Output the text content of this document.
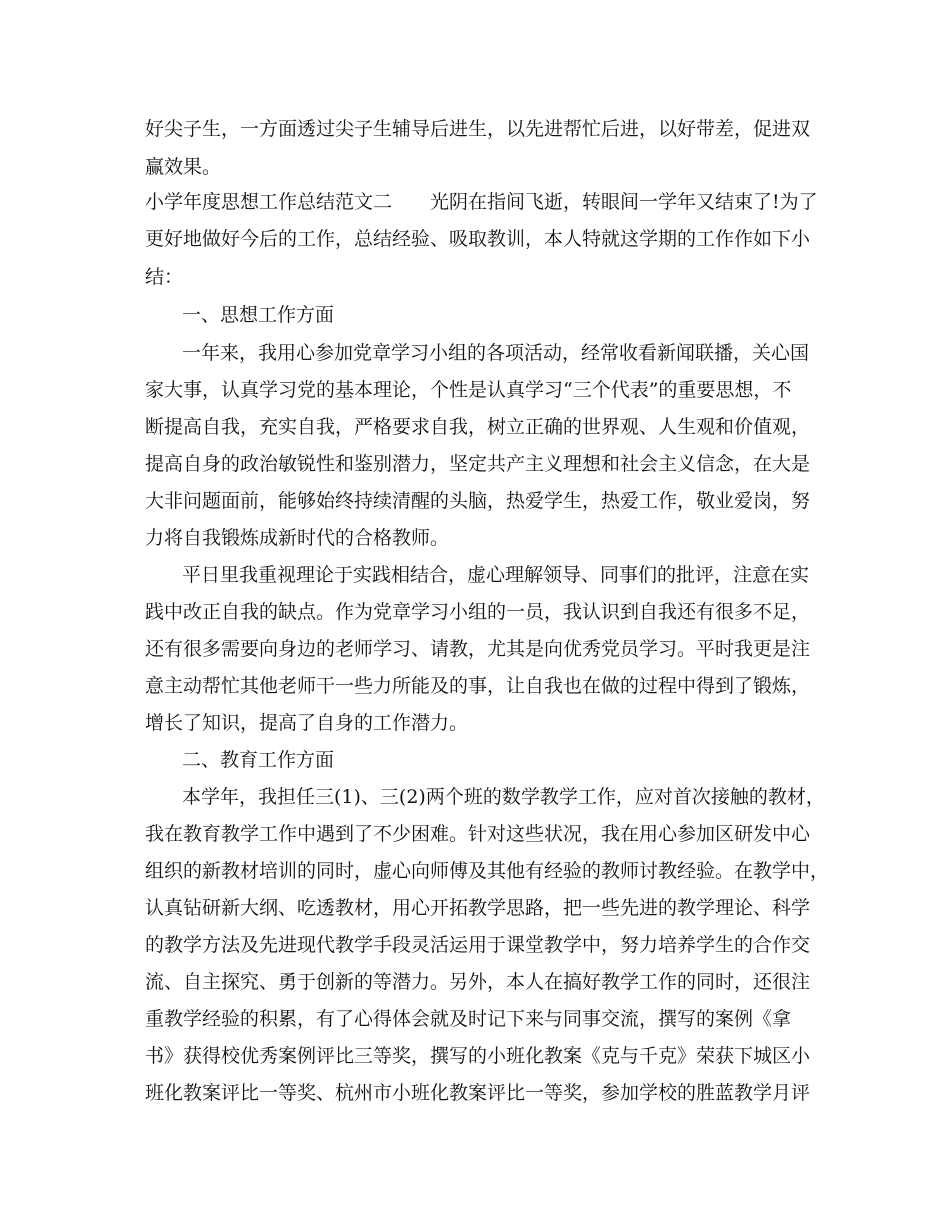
好尖子生，一方面透过尖子生辅导后进生，以先进帮忙后进，以好带差，促进双
赢效果。
小学年度思想工作总结范文二　　光阴在指间飞逝，转眼间一学年又结束了!为了
更好地做好今后的工作，总结经验、吸取教训，本人特就这学期的工作作如下小
结：
一、思想工作方面
一年来，我用心参加党章学习小组的各项活动，经常收看新闻联播，关心国
家大事，认真学习党的基本理论，个性是认真学习“三个代表”的重要思想，不
断提高自我，充实自我，严格要求自我，树立正确的世界观、人生观和价值观，
提高自身的政治敏锐性和鉴别潜力，坚定共产主义理想和社会主义信念，在大是
大非问题面前，能够始终持续清醒的头脑，热爱学生，热爱工作，敬业爱岗，努
力将自我锻炼成新时代的合格教师。
平日里我重视理论于实践相结合，虚心理解领导、同事们的批评，注意在实
践中改正自我的缺点。作为党章学习小组的一员，我认识到自我还有很多不足，
还有很多需要向身边的老师学习、请教，尤其是向优秀党员学习。平时我更是注
意主动帮忙其他老师干一些力所能及的事，让自我也在做的过程中得到了锻炼，
增长了知识，提高了自身的工作潜力。
二、教育工作方面
本学年，我担任三(1)、三(2)两个班的数学教学工作，应对首次接触的教材，
我在教育教学工作中遇到了不少困难。针对这些状况，我在用心参加区研发中心
组织的新教材培训的同时，虚心向师傅及其他有经验的教师讨教经验。在教学中，
认真钻研新大纲、吃透教材，用心开拓教学思路，把一些先进的教学理论、科学
的教学方法及先进现代教学手段灵活运用于课堂教学中，努力培养学生的合作交
流、自主探究、勇于创新的等潜力。另外，本人在搞好教学工作的同时，还很注
重教学经验的积累，有了心得体会就及时记下来与同事交流，撰写的案例《拿
书》获得校优秀案例评比三等奖，撰写的小班化教案《克与千克》荣获下城区小
班化教案评比一等奖、杭州市小班化教案评比一等奖，参加学校的胜蓝教学月评
